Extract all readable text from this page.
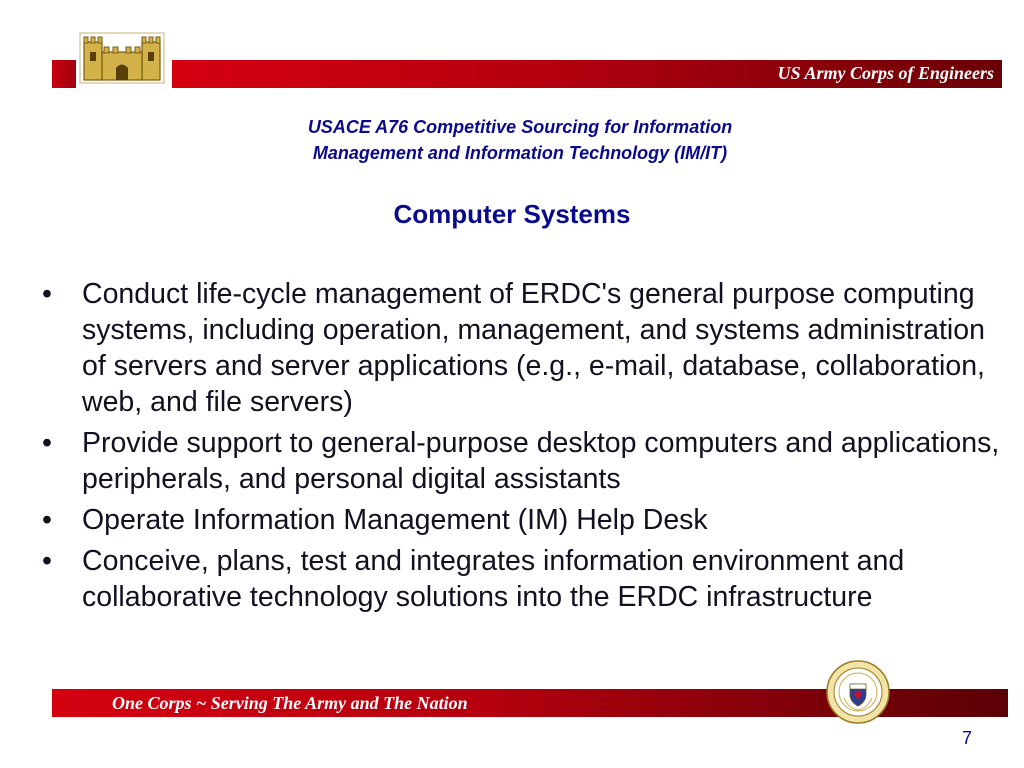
US Army Corps of Engineers
USACE A76 Competitive Sourcing for Information
Management and Information Technology (IM/IT)
Computer Systems
• Conduct life-cycle management of ERDC's general purpose computing systems, including operation, management, and systems administration of servers and server applications (e.g., e-mail, database, collaboration, web, and file servers)
• Provide support to general-purpose desktop computers and applications, peripherals, and personal digital assistants
• Operate Information Management (IM) Help Desk
• Conceive, plans, test and integrates information environment and collaborative technology solutions into the ERDC infrastructure
One Corps ~ Serving The Army and The Nation
7
